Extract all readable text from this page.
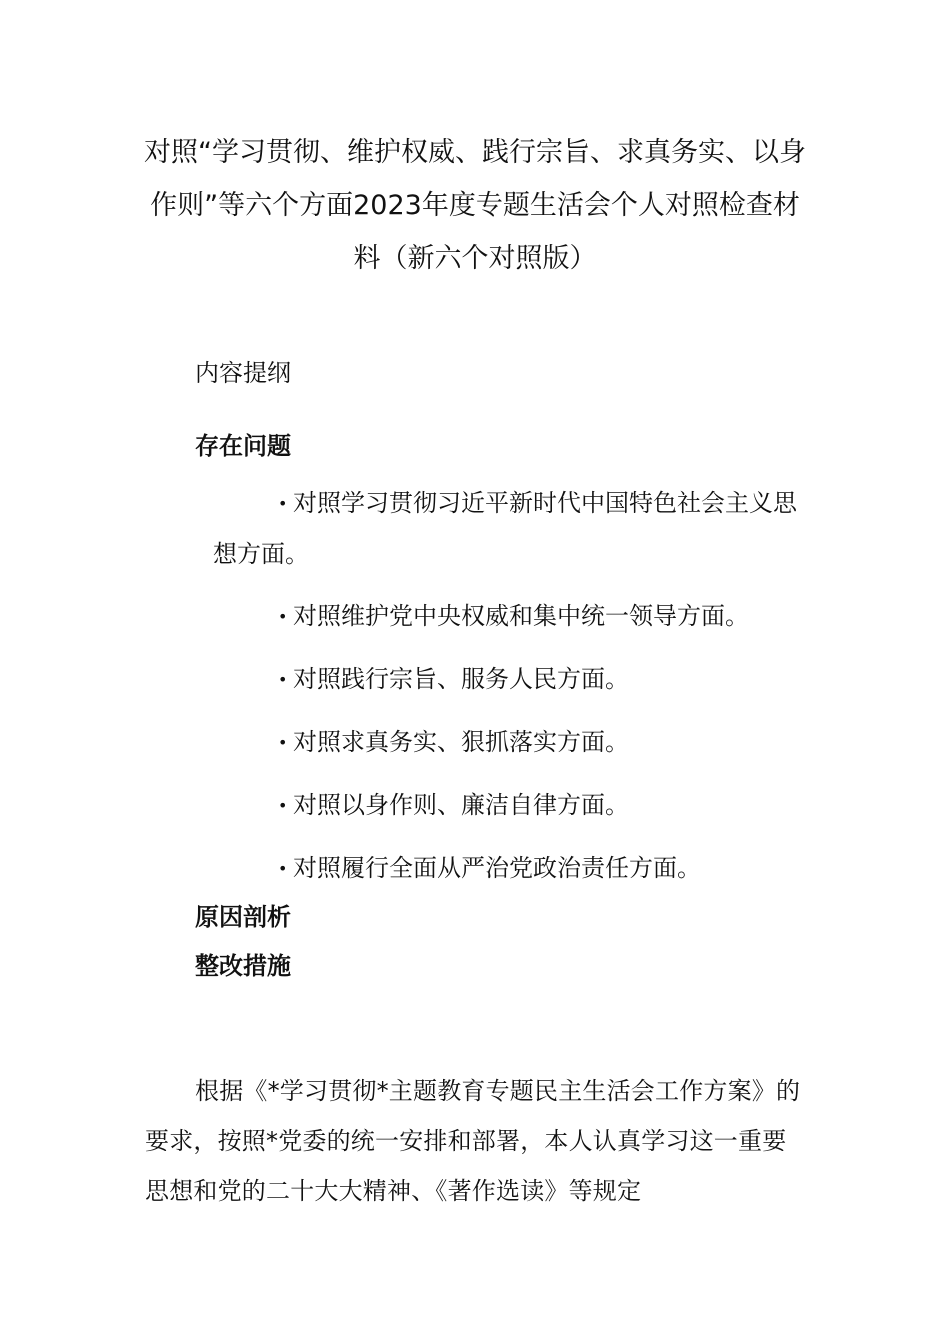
对照“学习贯彻、维护权威、践行宗旨、求真务实、以身作则”等六个方面2023年度专题生活会个人对照检查材料（新六个对照版）

内容提纲

存在问题

• 对照学习贯彻习近平新时代中国特色社会主义思想方面。
• 对照维护党中央权威和集中统一领导方面。
• 对照践行宗旨、服务人民方面。
• 对照求真务实、狠抓落实方面。
• 对照以身作则、廉洁自律方面。
• 对照履行全面从严治党政治责任方面。

原因剖析

整改措施

根据《*学习贯彻*主题教育专题民主生活会工作方案》的要求，按照*党委的统一安排和部署，本人认真学习这一重要思想和党的二十大大精神、《著作选读》等规定
